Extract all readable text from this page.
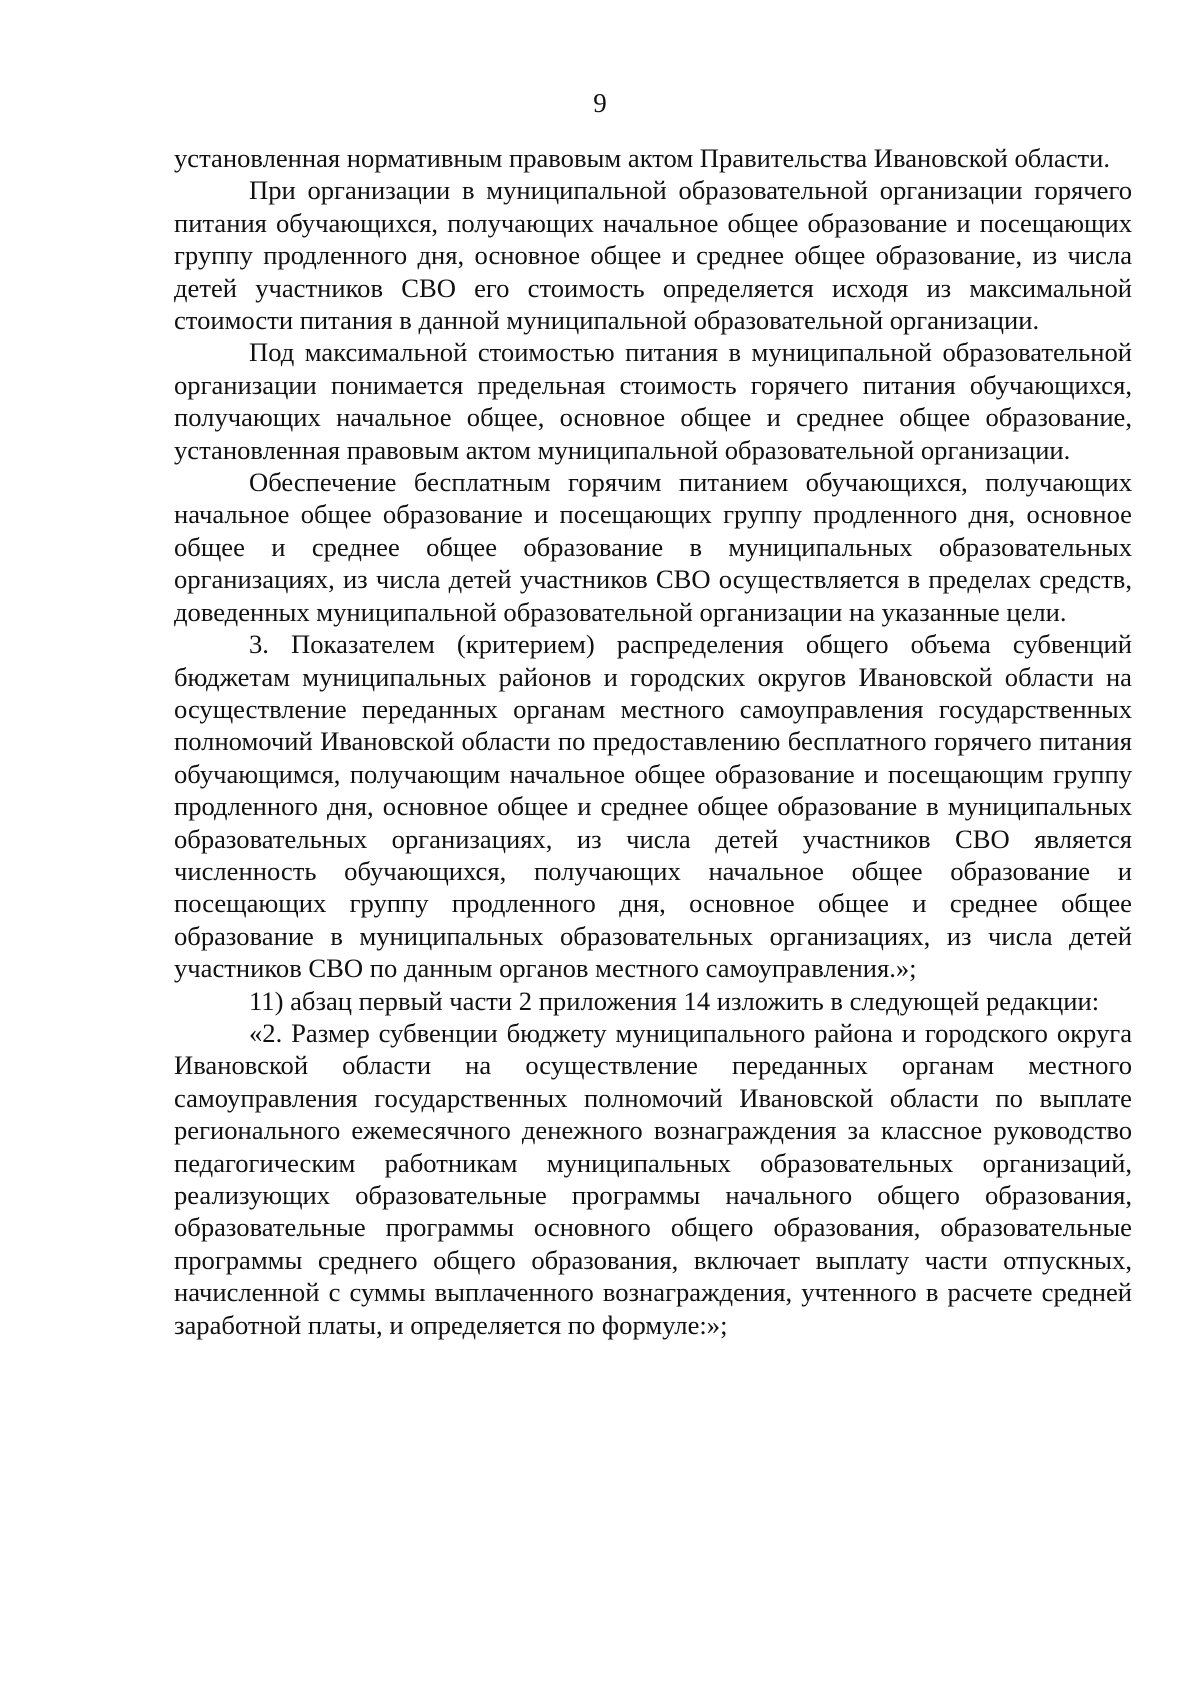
9

установленная нормативным правовым актом Правительства Ивановской области.

При организации в муниципальной образовательной организации горячего питания обучающихся, получающих начальное общее образование и посещающих группу продленного дня, основное общее и среднее общее образование, из числа детей участников СВО его стоимость определяется исходя из максимальной стоимости питания в данной муниципальной образовательной организации.

Под максимальной стоимостью питания в муниципальной образовательной организации понимается предельная стоимость горячего питания обучающихся, получающих начальное общее, основное общее и среднее общее образование, установленная правовым актом муниципальной образовательной организации.

Обеспечение бесплатным горячим питанием обучающихся, получающих начальное общее образование и посещающих группу продленного дня, основное общее и среднее общее образование в муниципальных образовательных организациях, из числа детей участников СВО осуществляется в пределах средств, доведенных муниципальной образовательной организации на указанные цели.

3. Показателем (критерием) распределения общего объема субвенций бюджетам муниципальных районов и городских округов Ивановской области на осуществление переданных органам местного самоуправления государственных полномочий Ивановской области по предоставлению бесплатного горячего питания обучающимся, получающим начальное общее образование и посещающим группу продленного дня, основное общее и среднее общее образование в муниципальных образовательных организациях, из числа детей участников СВО является численность обучающихся, получающих начальное общее образование и посещающих группу продленного дня, основное общее и среднее общее образование в муниципальных образовательных организациях, из числа детей участников СВО по данным органов местного самоуправления.»;

11) абзац первый части 2 приложения 14 изложить в следующей редакции:

«2. Размер субвенции бюджету муниципального района и городского округа Ивановской области на осуществление переданных органам местного самоуправления государственных полномочий Ивановской области по выплате регионального ежемесячного денежного вознаграждения за классное руководство педагогическим работникам муниципальных образовательных организаций, реализующих образовательные программы начального общего образования, образовательные программы основного общего образования, образовательные программы среднего общего образования, включает выплату части отпускных, начисленной с суммы выплаченного вознаграждения, учтенного в расчете средней заработной платы, и определяется по формуле:»;
